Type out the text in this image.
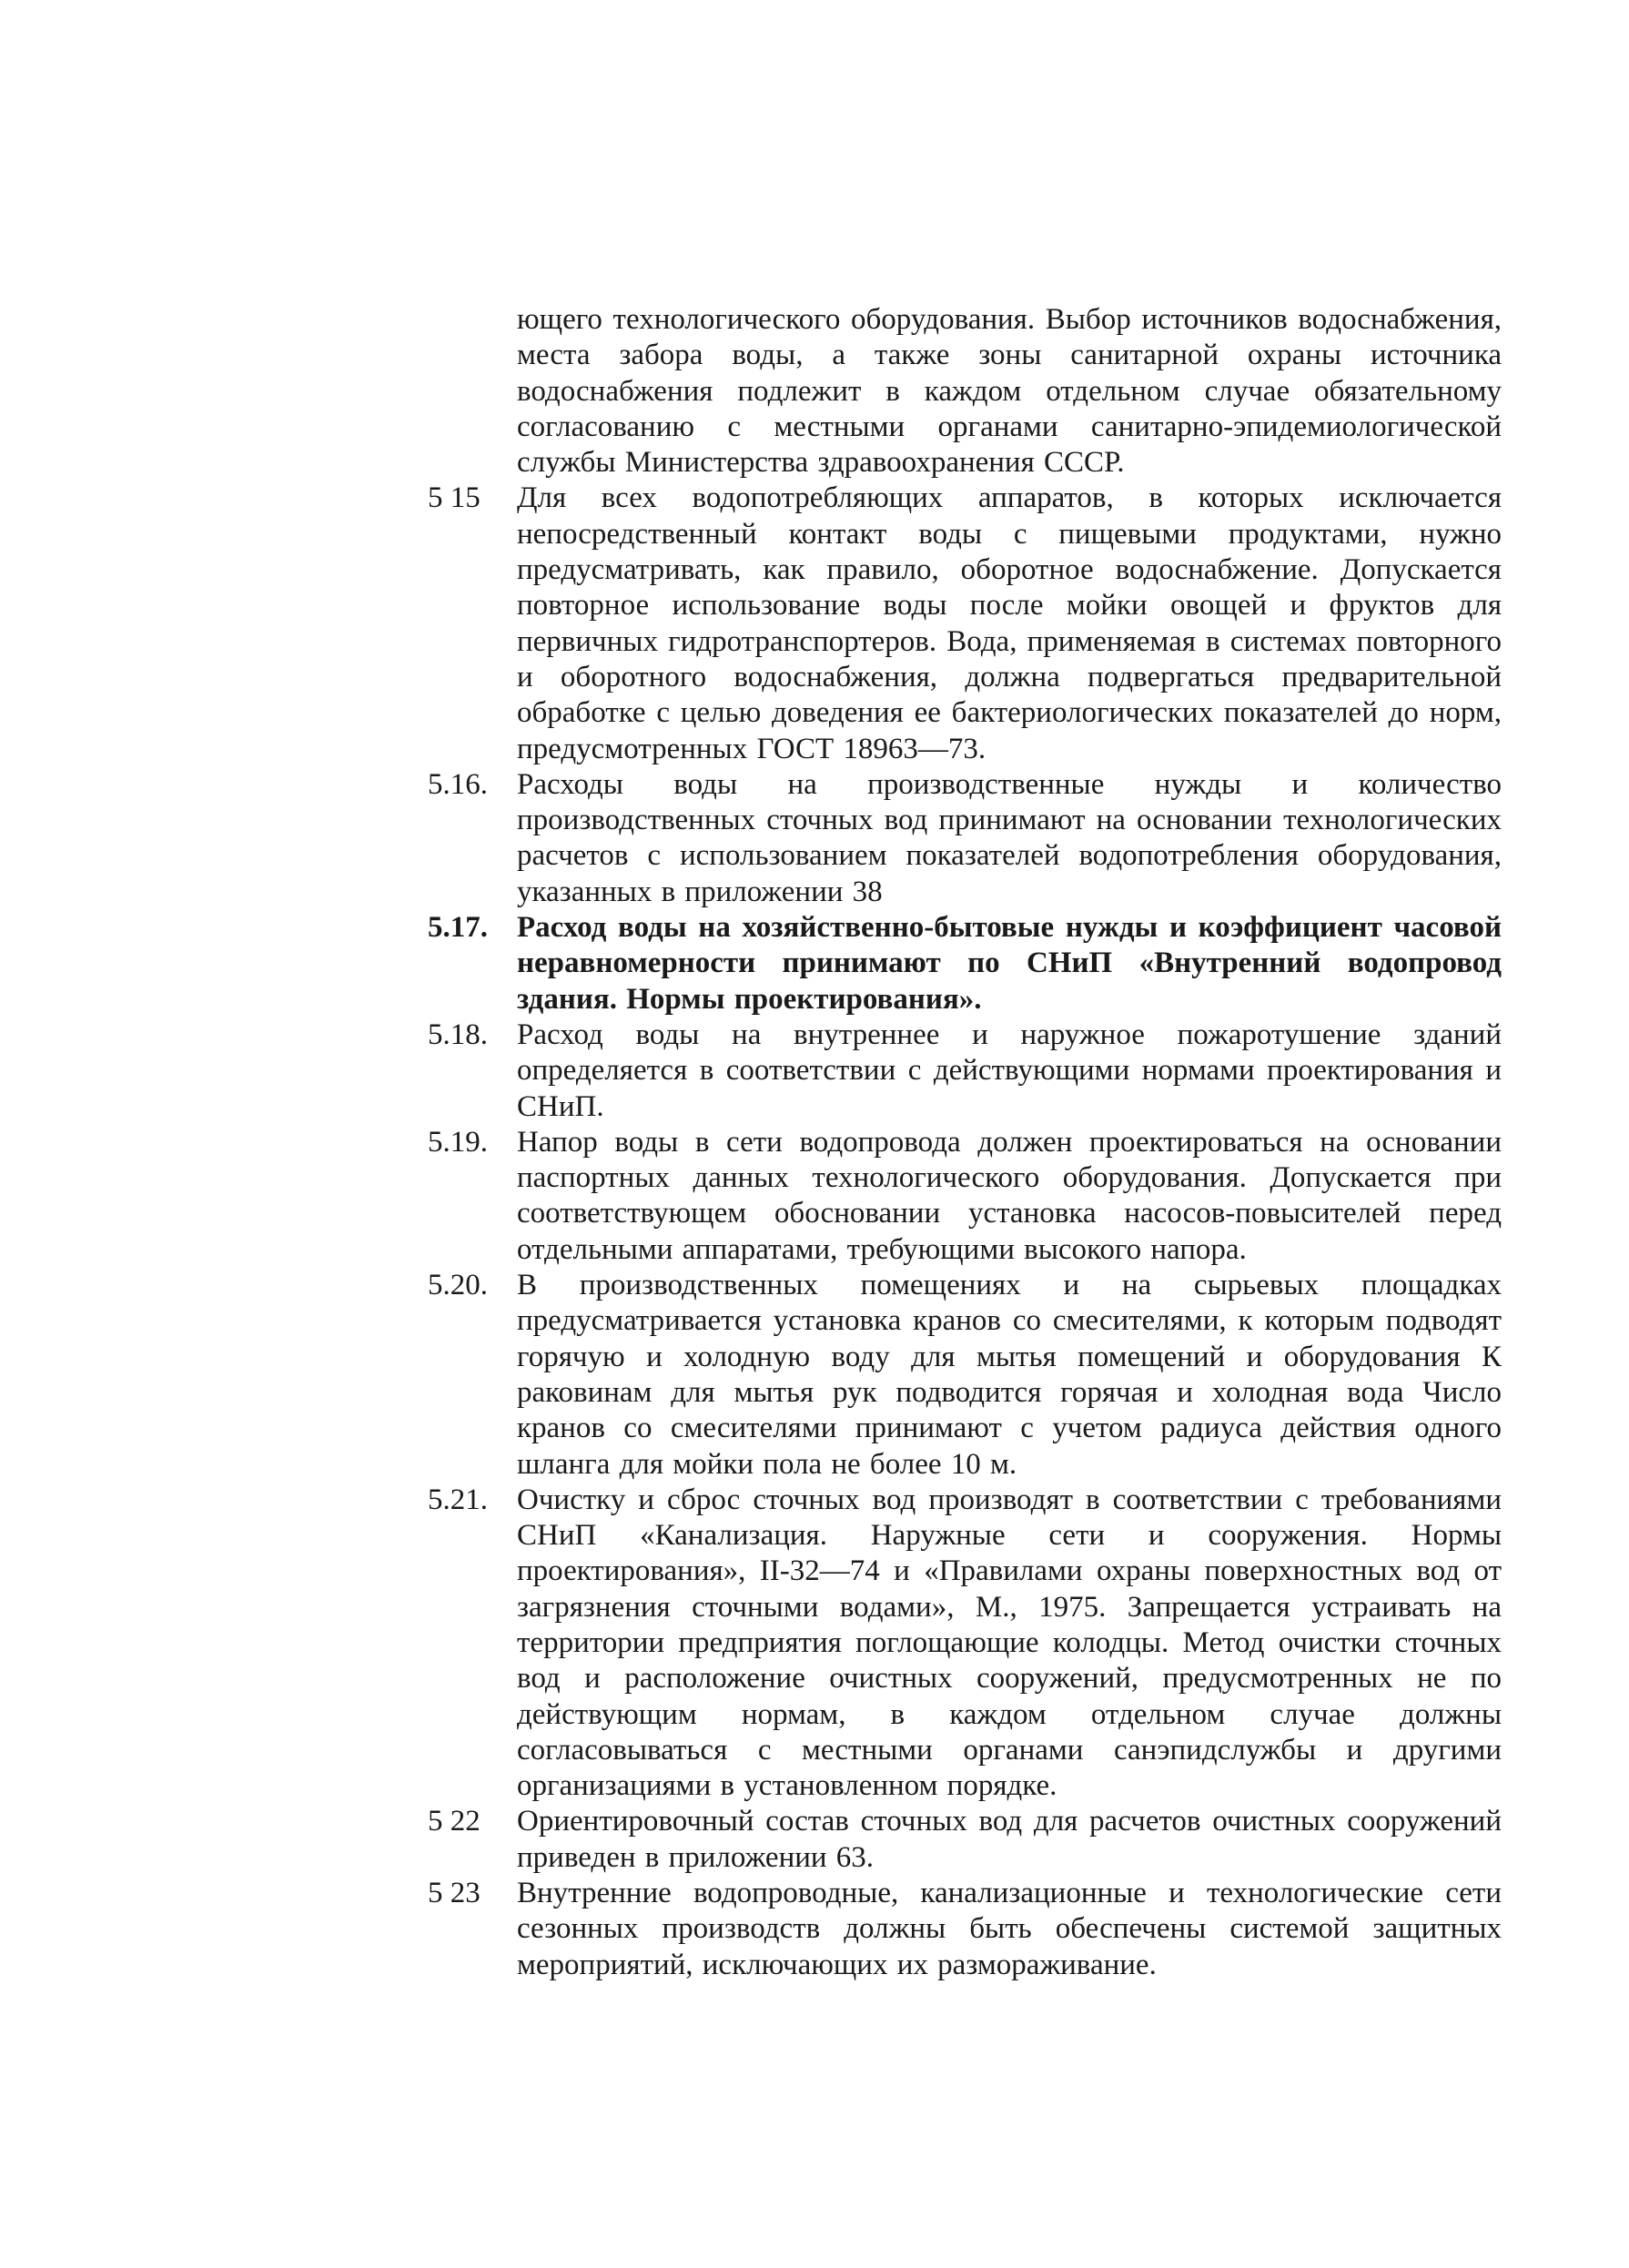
ющего технологического оборудования. Выбор источников водоснабжения, места забора воды, а также зоны санитарной охраны источника водоснабжения подлежит в каждом отдельном случае обязательному согласованию с местными органами санитарно-эпидемиологической службы Министерства здравоохранения СССР.

5 15	Для всех водопотребляющих аппаратов, в которых исключается непосредственный контакт воды с пищевыми продуктами, нужно предусматривать, как правило, оборотное водоснабжение. Допускается повторное использование воды после мойки овощей и фруктов для первичных гидротранспортеров. Вода, применяемая в системах повторного и оборотного водоснабжения, должна подвергаться предварительной обработке с целью доведения ее бактериологических показателей до норм, предусмотренных ГОСТ 18963—73.

5.16. Расходы воды на производственные нужды и количество производственных сточных вод принимают на основании технологических расчетов с использованием показателей водопотребления оборудования, указанных в приложении 38

5.17. Расход воды на хозяйственно-бытовые нужды и коэффициент часовой неравномерности принимают по СНиП «Внутренний водопровод здания. Нормы проектирования».

5.18. Расход воды на внутреннее и наружное пожаротушение зданий определяется в соответствии с действующими нормами проектирования и СНиП.

5.19. Напор воды в сети водопровода должен проектироваться на основании паспортных данных технологического оборудования. Допускается при соответствующем обосновании установка насосов-повысителей перед отдельными аппаратами, требующими высокого напора.

5.20. В производственных помещениях и на сырьевых площадках предусматривается установка кранов со смесителями, к которым подводят горячую и холодную воду для мытья помещений и оборудования К раковинам для мытья рук подводится горячая и холодная вода Число кранов со смесителями принимают с учетом радиуса действия одного шланга для мойки пола не более 10 м.

5.21. Очистку и сброс сточных вод производят в соответствии с требованиями СНиП «Канализация. Наружные сети и сооружения. Нормы проектирования», II-32—74 и «Правилами охраны поверхностных вод от загрязнения сточными водами», М., 1975. Запрещается устраивать на территории предприятия поглощающие колодцы. Метод очистки сточных вод и расположение очистных сооружений, предусмотренных не по действующим нормам, в каждом отдельном случае должны согласовываться с местными органами санэпидслужбы и другими организациями в установленном порядке.

5 22	Ориентировочный состав сточных вод для расчетов очистных сооружений приведен в приложении 63.

5 23	Внутренние водопроводные, канализационные и технологические сети сезонных производств должны быть обеспечены системой защитных мероприятий, исключающих их размораживание.
